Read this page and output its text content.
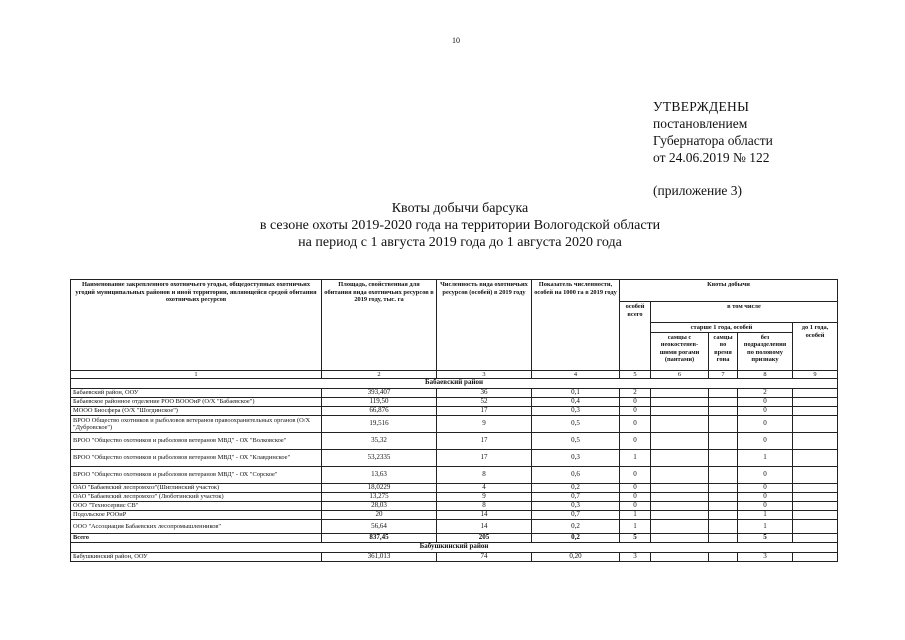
10
УТВЕРЖДЕНЫ
постановлением
Губернатора области
от 24.06.2019 № 122
(приложение 3)
Квоты добычи барсука
в сезоне охоты 2019-2020 года на территории Вологодской области
на период с 1 августа 2019 года до 1 августа 2020 года
Наименование закрепленного охотничьего угодья, общедоступных охотничьих угодий муниципальных районов и иной территории, являющейся средой обитания охотничьих ресурсов	Площадь, свойственная для обитания вида охотничьих ресурсов в 2019 году, тыс. га	Численность вида охотничьих ресурсов (особей) в 2019 году	Показатель численности, особей на 1000 га в 2019 году	Квоты добычи				
				особей всего	в том числе			
					старше 1 года, особей			до 1 года, особей
					самцы с неокостенев-шими рогами (пантами)	самцы во время гона	без подразделения по половому признаку	
1	2	3	4	5	6	7	8	9
Бабаевский район								
Бабаевский район, ООУ	393,407	36	0,1	2			2	
Бабаевское районное отделение РОО ВОООиР (О/Х "Бабаевское")	119,50	52	0,4	0			0	
МООО Биосфера (О/Х "Шогдинское")	66,876	17	0,3	0			0	
ВРОО Общество охотников и рыболовов ветеранов правоохранительных органов (О/Х "Дубровское")	19,516	9	0,5	0			0	
ВРОО "Общество охотников и рыболовов ветеранов МВД" - ОХ "Волковское"	35,32	17	0,5	0			0	
ВРОО "Общество охотников и рыболовов ветеранов МВД" - ОХ "Клавдинское"	53,2335	17	0,3	1			1	
ВРОО "Общество охотников и рыболовов ветеранов МВД" - ОХ "Сорское"	13,63	8	0,6	0			0	
ОАО "Бабаевский леспромхоз"(Шиглинский участок)	18,0229	4	0,2	0			0	
ОАО "Бабаевский леспромхоз" (Люботинский участок)	13,275	9	0,7	0			0	
ООО "Техносервис СВ"	28,03	8	0,3	0			0	
Подольское РООиР	20	14	0,7	1			1	
ООО "Ассоциация Бабаевских лесопромышленников"	56,64	14	0,2	1			1	
Всего	837,45	205	0,2	5			5	
Бабушкинский район								
Бабушкинский район, ООУ	361,013	74	0,20	3			3	
